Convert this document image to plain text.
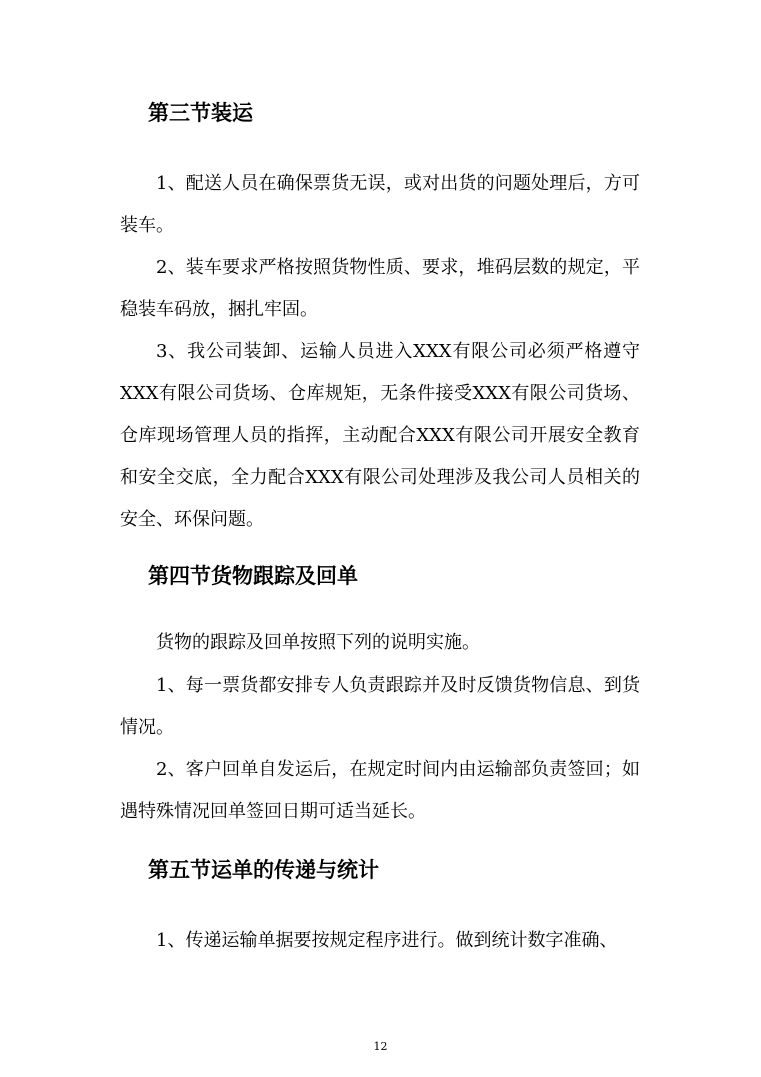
第三节装运
1、配送人员在确保票货无误，或对出货的问题处理后，方可装车。
2、装车要求严格按照货物性质、要求，堆码层数的规定，平稳装车码放，捆扎牢固。
3、我公司装卸、运输人员进入XXX有限公司必须严格遵守XXX有限公司货场、仓库规矩，无条件接受XXX有限公司货场、仓库现场管理人员的指挥，主动配合XXX有限公司开展安全教育和安全交底，全力配合XXX有限公司处理涉及我公司人员相关的安全、环保问题。
第四节货物跟踪及回单
货物的跟踪及回单按照下列的说明实施。
1、每一票货都安排专人负责跟踪并及时反馈货物信息、到货情况。
2、客户回单自发运后，在规定时间内由运输部负责签回；如遇特殊情况回单签回日期可适当延长。
第五节运单的传递与统计
1、传递运输单据要按规定程序进行。做到统计数字准确、
12
